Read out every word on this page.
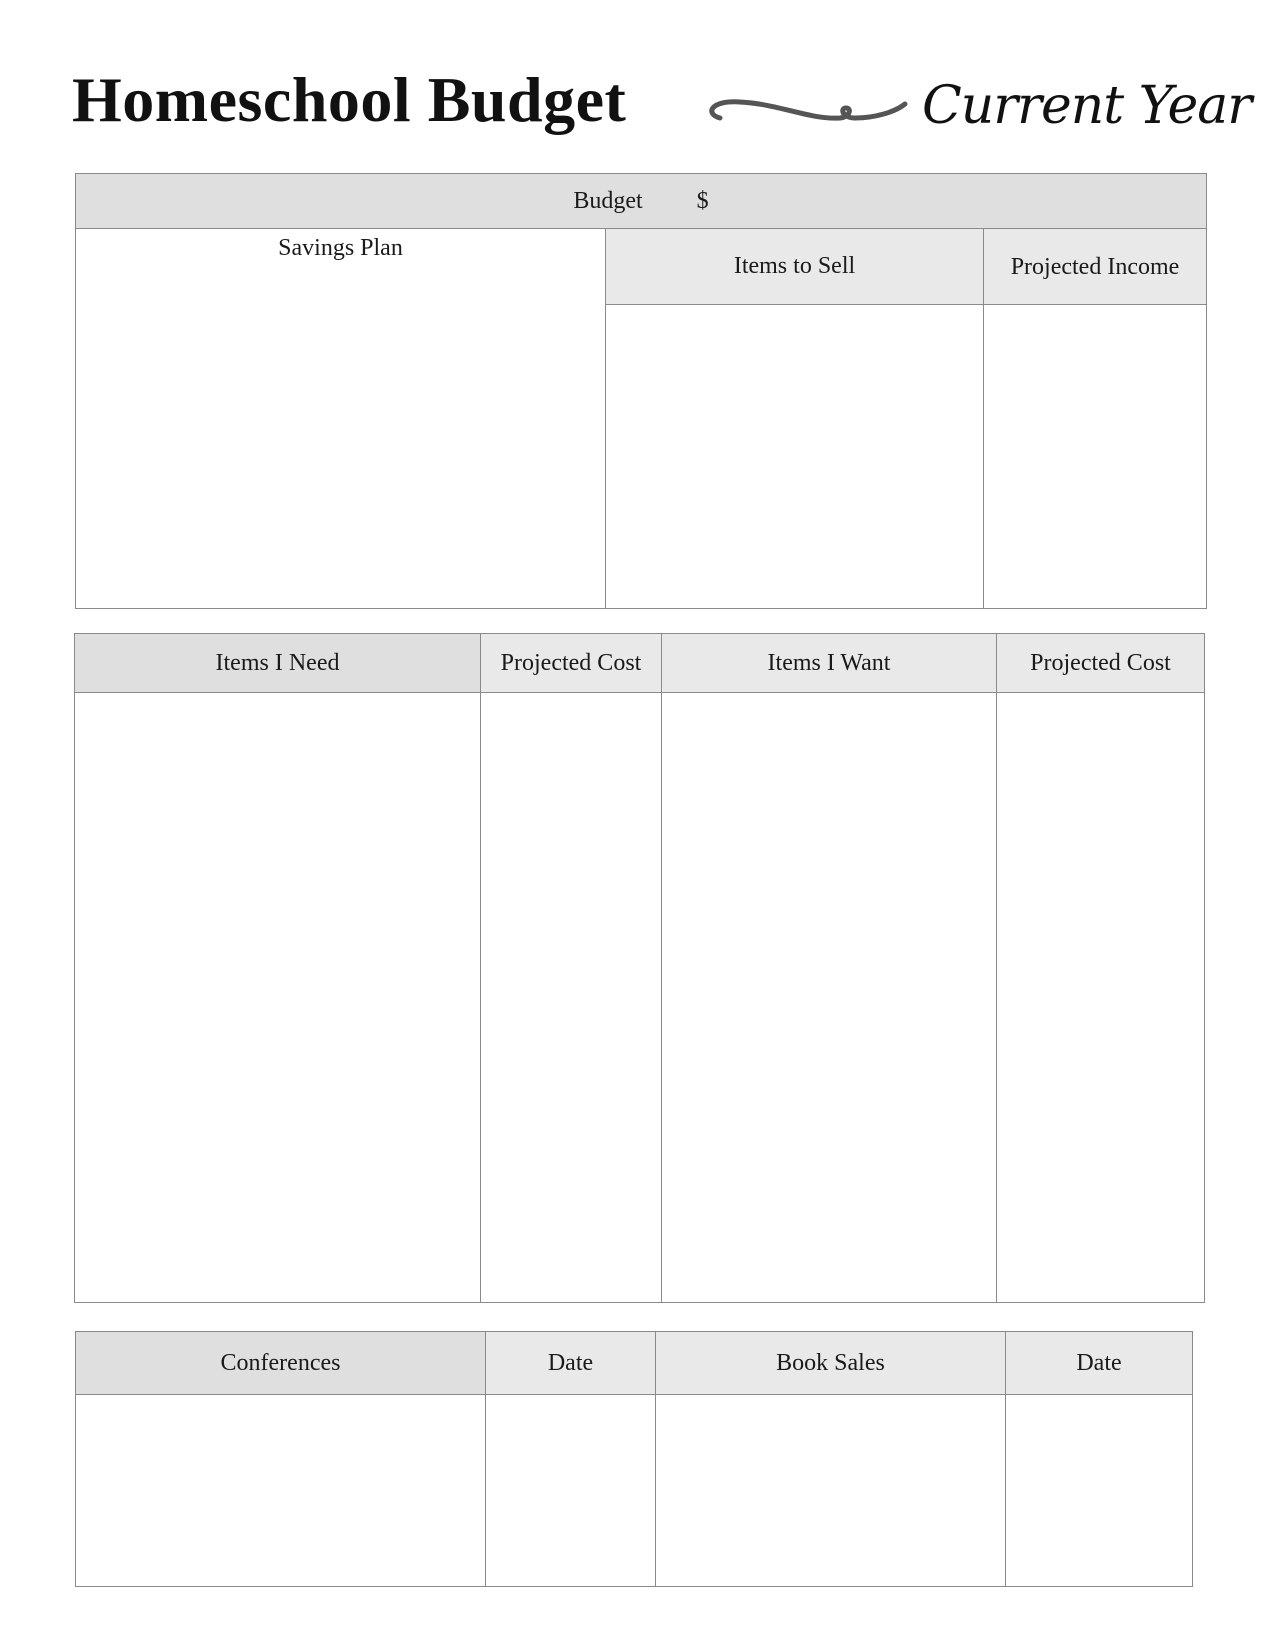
Homeschool Budget	Current Year
Budget $		
Savings Plan	Items to Sell	Projected Income

Items I Need	Projected Cost	Items I Want	Projected Cost

Conferences	Date	Book Sales	Date
